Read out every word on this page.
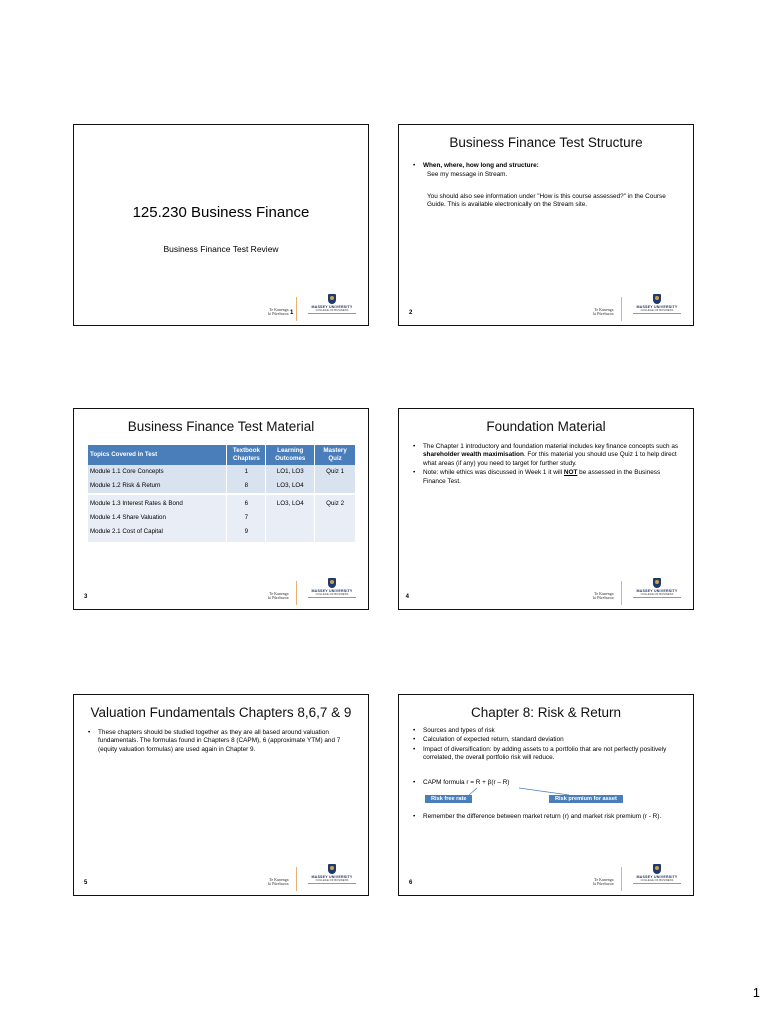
125.230 Business Finance
Business Finance Test Review
Te Kunenga
ki Pūrehuroa 1
MASSEY UNIVERSITY
COLLEGE OF BUSINESS
Business Finance Test Structure
• When, where, how long and structure:
See my message in Stream.
You should also see information under "How is this course assessed?" in the Course Guide. This is available electronically on the Stream site.
2
Te Kunenga
ki Pūrehuroa
MASSEY UNIVERSITY
COLLEGE OF BUSINESS
Business Finance Test Material
Topics Covered in Test	Textbook Chapters	Learning Outcomes	Mastery Quiz
Module 1.1 Core Concepts	1	LO1, LO3	Quiz 1
Module 1.2 Risk & Return	8	LO3, LO4	
Module 1.3 Interest Rates & Bond	6	LO3, LO4	Quiz 2
Module 1.4 Share Valuation	7		
Module 2.1 Cost of Capital	9		
3
Te Kunenga
ki Pūrehuroa
MASSEY UNIVERSITY
COLLEGE OF BUSINESS
Foundation Material
• The Chapter 1 introductory and foundation material includes key finance concepts such as shareholder wealth maximisation. For this material you should use Quiz 1 to help direct what areas (if any) you need to target for further study.
• Note: while ethics was discussed in Week 1 it will NOT be assessed in the Business Finance Test.
4
Te Kunenga
ki Pūrehuroa
MASSEY UNIVERSITY
COLLEGE OF BUSINESS
Valuation Fundamentals Chapters 8,6,7 & 9
• These chapters should be studied together as they are all based around valuation fundamentals. The formulas found in Chapters 8 (CAPM), 6 (approximate YTM) and 7 (equity valuation formulas) are used again in Chapter 9.
5
Te Kunenga
ki Pūrehuroa
MASSEY UNIVERSITY
COLLEGE OF BUSINESS
Chapter 8: Risk & Return
• Sources and types of risk
• Calculation of expected return, standard deviation
• Impact of diversification: by adding assets to a portfolio that are not perfectly positively correlated, the overall portfolio risk will reduce.
• CAPM formula r = R + β(r – R)
Risk free rate	Risk premium for asset
• Remember the difference between market return (r) and market risk premium (r - R).
6
Te Kunenga
ki Pūrehuroa
MASSEY UNIVERSITY
COLLEGE OF BUSINESS
1
